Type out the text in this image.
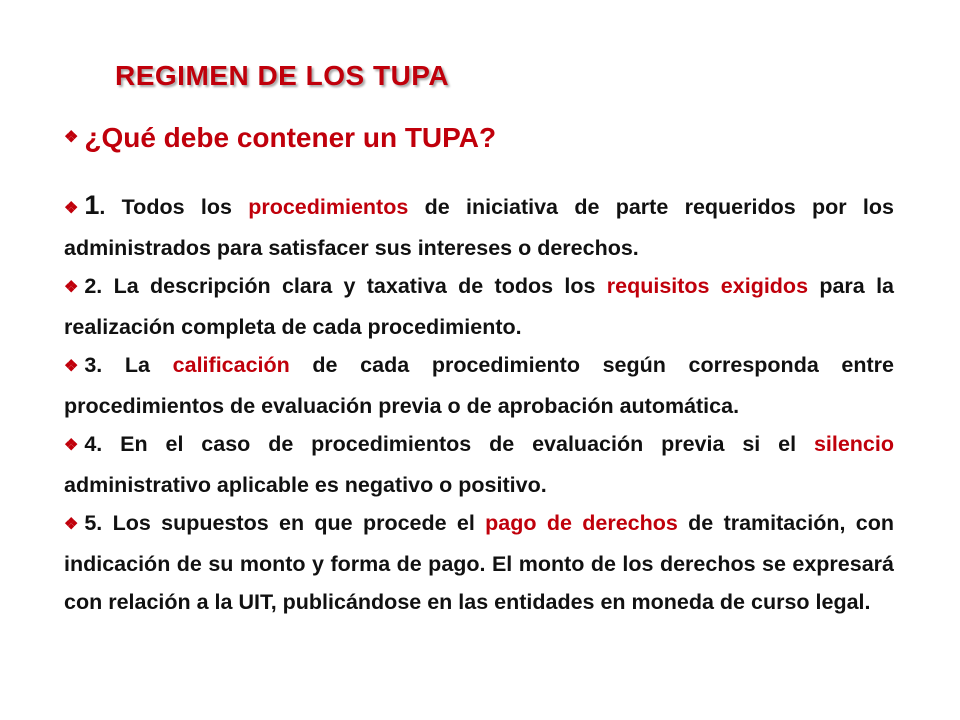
REGIMEN DE LOS TUPA
❖ ¿Qué debe contener un TUPA?

❖ 1. Todos los procedimientos de iniciativa de parte requeridos por los administrados para satisfacer sus intereses o derechos.

❖ 2. La descripción clara y taxativa de todos los requisitos exigidos para la realización completa de cada procedimiento.

❖ 3. La calificación de cada procedimiento según corresponda entre procedimientos de evaluación previa o de aprobación automática.

❖ 4. En el caso de procedimientos de evaluación previa si el silencio administrativo aplicable es negativo o positivo.

❖ 5. Los supuestos en que procede el pago de derechos de tramitación, con indicación de su monto y forma de pago. El monto de los derechos se expresará con relación a la UIT, publicándose en las entidades en moneda de curso legal.
